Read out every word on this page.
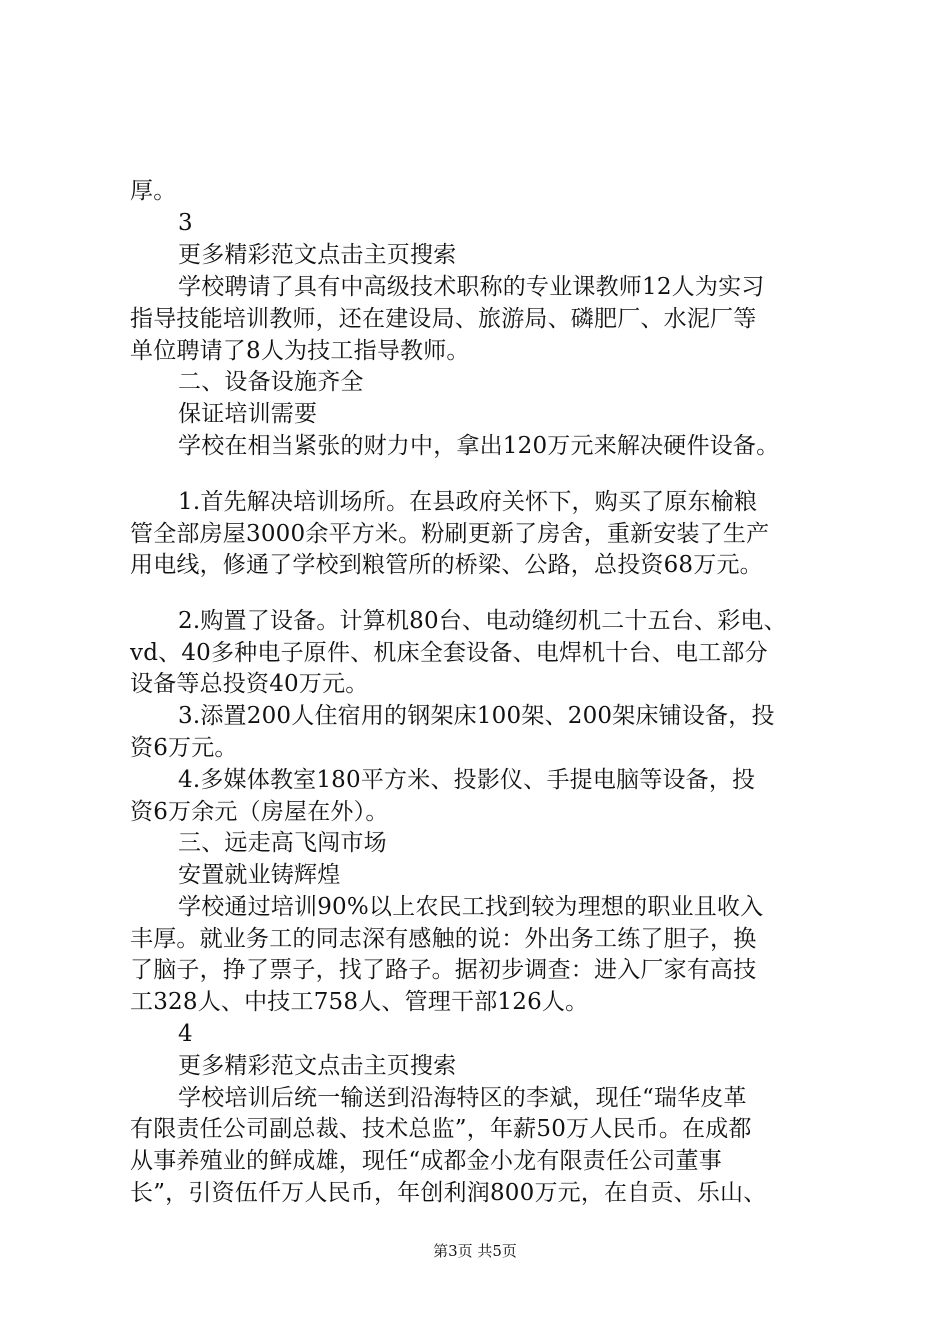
厚。
3
更多精彩范文点击主页搜索
学校聘请了具有中高级技术职称的专业课教师12人为实习
指导技能培训教师，还在建设局、旅游局、磷肥厂、水泥厂等
单位聘请了8人为技工指导教师。
二、设备设施齐全
保证培训需要
学校在相当紧张的财力中，拿出120万元来解决硬件设备。
1.首先解决培训场所。在县政府关怀下，购买了原东榆粮
管全部房屋3000余平方米。粉刷更新了房舍，重新安装了生产
用电线，修通了学校到粮管所的桥梁、公路，总投资68万元。
2.购置了设备。计算机80台、电动缝纫机二十五台、彩电、
vd、40多种电子原件、机床全套设备、电焊机十台、电工部分
设备等总投资40万元。
3.添置200人住宿用的钢架床100架、200架床铺设备，投
资6万元。
4.多媒体教室180平方米、投影仪、手提电脑等设备，投
资6万余元（房屋在外）。
三、远走高飞闯市场
安置就业铸辉煌
学校通过培训90%以上农民工找到较为理想的职业且收入
丰厚。就业务工的同志深有感触的说：外出务工练了胆子，换
了脑子，挣了票子，找了路子。据初步调查：进入厂家有高技
工328人、中技工758人、管理干部126人。
4
更多精彩范文点击主页搜索
学校培训后统一输送到沿海特区的李斌，现任“瑞华皮革
有限责任公司副总裁、技术总监”，年薪50万人民币。在成都
从事养殖业的鲜成雄，现任“成都金小龙有限责任公司董事
长”，引资伍仟万人民币，年创利润800万元，在自贡、乐山、
第3页 共5页
